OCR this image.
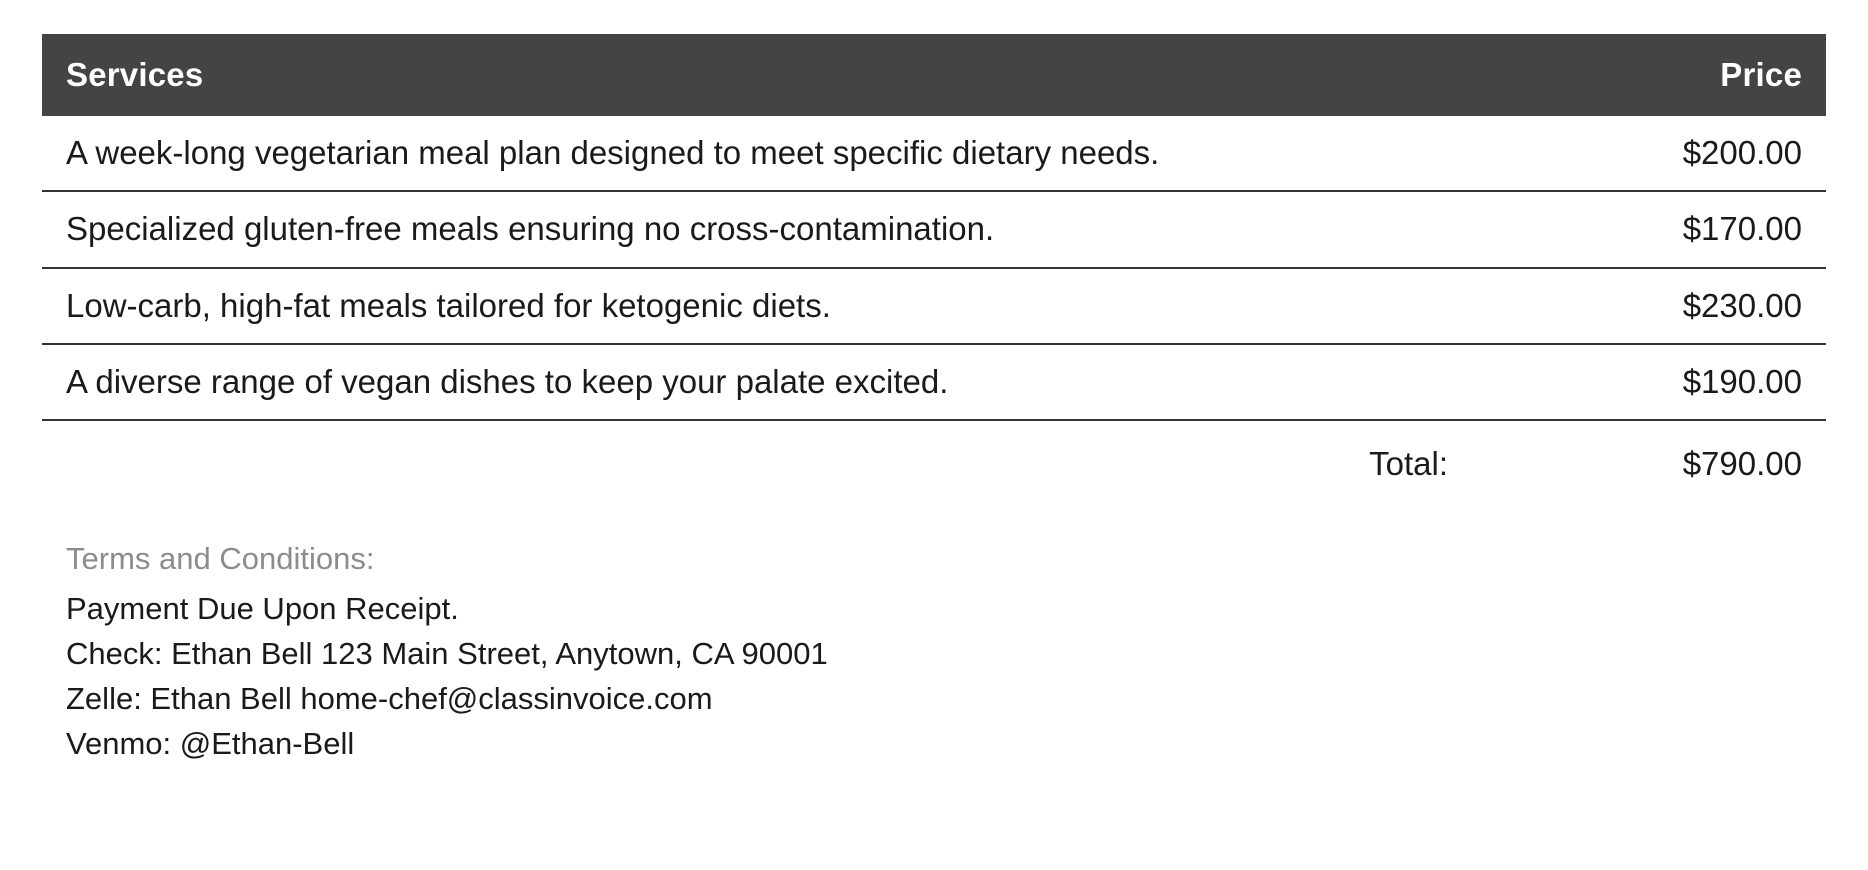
Services	Price
A week-long vegetarian meal plan designed to meet specific dietary needs.	$200.00
Specialized gluten-free meals ensuring no cross-contamination.	$170.00
Low-carb, high-fat meals tailored for ketogenic diets.	$230.00
A diverse range of vegan dishes to keep your palate excited.	$190.00
Total:	$790.00
Terms and Conditions:
Payment Due Upon Receipt.
Check: Ethan Bell 123 Main Street, Anytown, CA 90001
Zelle: Ethan Bell home-chef@classinvoice.com
Venmo: @Ethan-Bell
